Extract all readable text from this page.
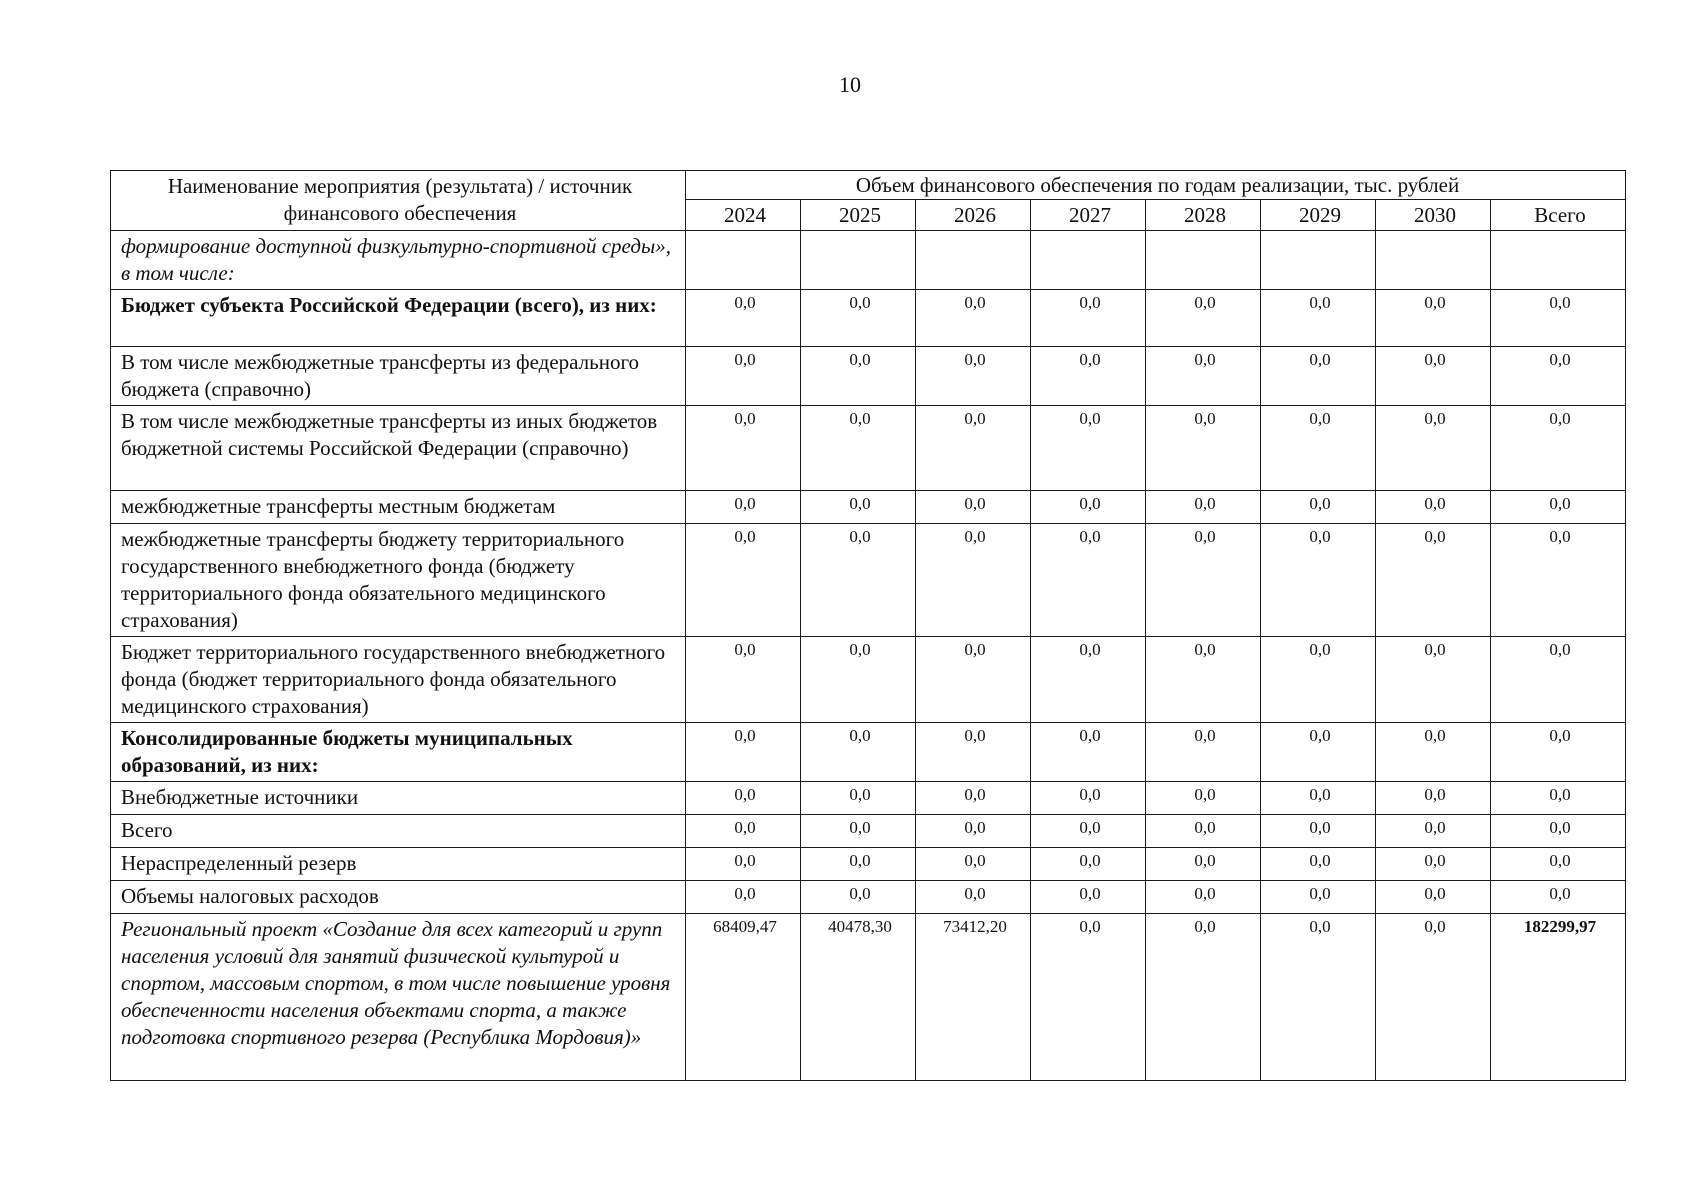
10
Наименование мероприятия (результата) / источник финансового обеспечения	Объем финансового обеспечения по годам реализации, тыс. рублей							
	2024	2025	2026	2027	2028	2029	2030	Всего
формирование доступной физкультурно-спортивной среды», в том числе:								
Бюджет субъекта Российской Федерации (всего), из них:	0,0	0,0	0,0	0,0	0,0	0,0	0,0	0,0
В том числе межбюджетные трансферты из федерального бюджета (справочно)	0,0	0,0	0,0	0,0	0,0	0,0	0,0	0,0
В том числе межбюджетные трансферты из иных бюджетов бюджетной системы Российской Федерации (справочно)	0,0	0,0	0,0	0,0	0,0	0,0	0,0	0,0
межбюджетные трансферты местным бюджетам	0,0	0,0	0,0	0,0	0,0	0,0	0,0	0,0
межбюджетные трансферты бюджету территориального государственного внебюджетного фонда (бюджету территориального фонда обязательного медицинского страхования)	0,0	0,0	0,0	0,0	0,0	0,0	0,0	0,0
Бюджет территориального государственного внебюджетного фонда (бюджет территориального фонда обязательного медицинского страхования)	0,0	0,0	0,0	0,0	0,0	0,0	0,0	0,0
Консолидированные бюджеты муниципальных образований, из них:	0,0	0,0	0,0	0,0	0,0	0,0	0,0	0,0
Внебюджетные источники	0,0	0,0	0,0	0,0	0,0	0,0	0,0	0,0
Всего	0,0	0,0	0,0	0,0	0,0	0,0	0,0	0,0
Нераспределенный резерв	0,0	0,0	0,0	0,0	0,0	0,0	0,0	0,0
Объемы налоговых расходов	0,0	0,0	0,0	0,0	0,0	0,0	0,0	0,0
Региональный проект «Создание для всех категорий и групп населения условий для занятий физической культурой и спортом, массовым спортом, в том числе повышение уровня обеспеченности населения объектами спорта, а также подготовка спортивного резерва (Республика Мордовия)»	68409,47	40478,30	73412,20	0,0	0,0	0,0	0,0	182299,97
